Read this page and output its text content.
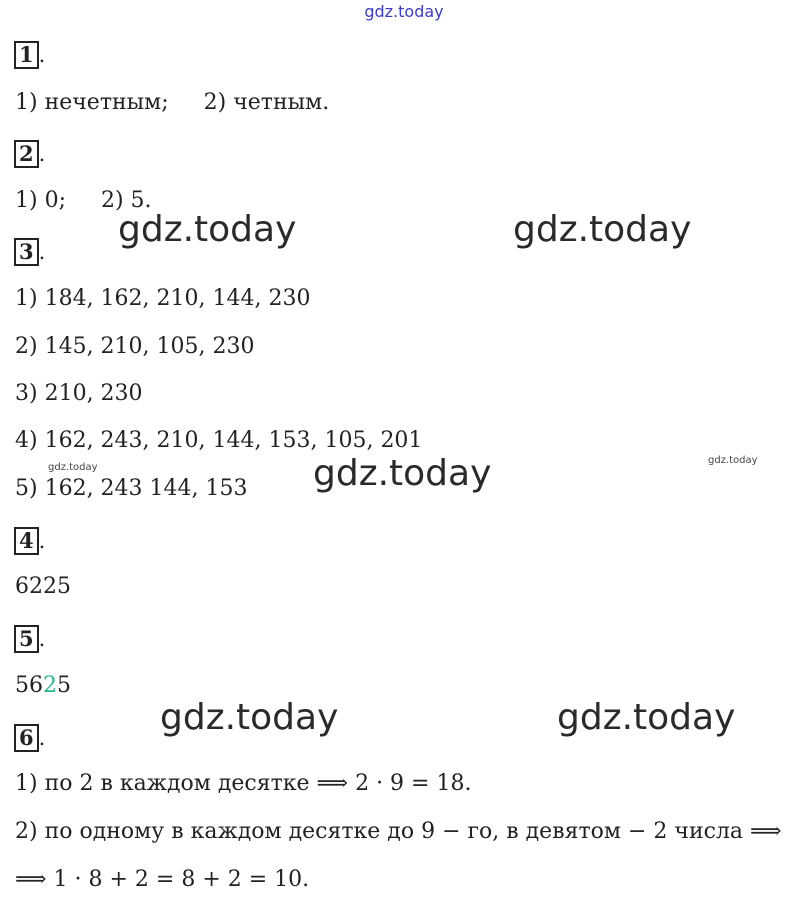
gdz.today
1 .
1) нечетным;     2) четным.
2 .
1) 0;     2) 5.
3 .
1) 184, 162, 210, 144, 230
2) 145, 210, 105, 230
3) 210, 230
4) 162, 243, 210, 144, 153, 105, 201
5) 162, 243 144, 153
4 .
6225
5 .
5625
6 .
1) по 2 в каждом десятке ⟹ 2 · 9 = 18.
2) по одному в каждом десятке до 9 − го, в девятом − 2 числа ⟹
⟹ 1 · 8 + 2 = 8 + 2 = 10.
gdz.today	gdz.today
gdz.today
gdz.today	gdz.today
gdz.today
gdz.today
